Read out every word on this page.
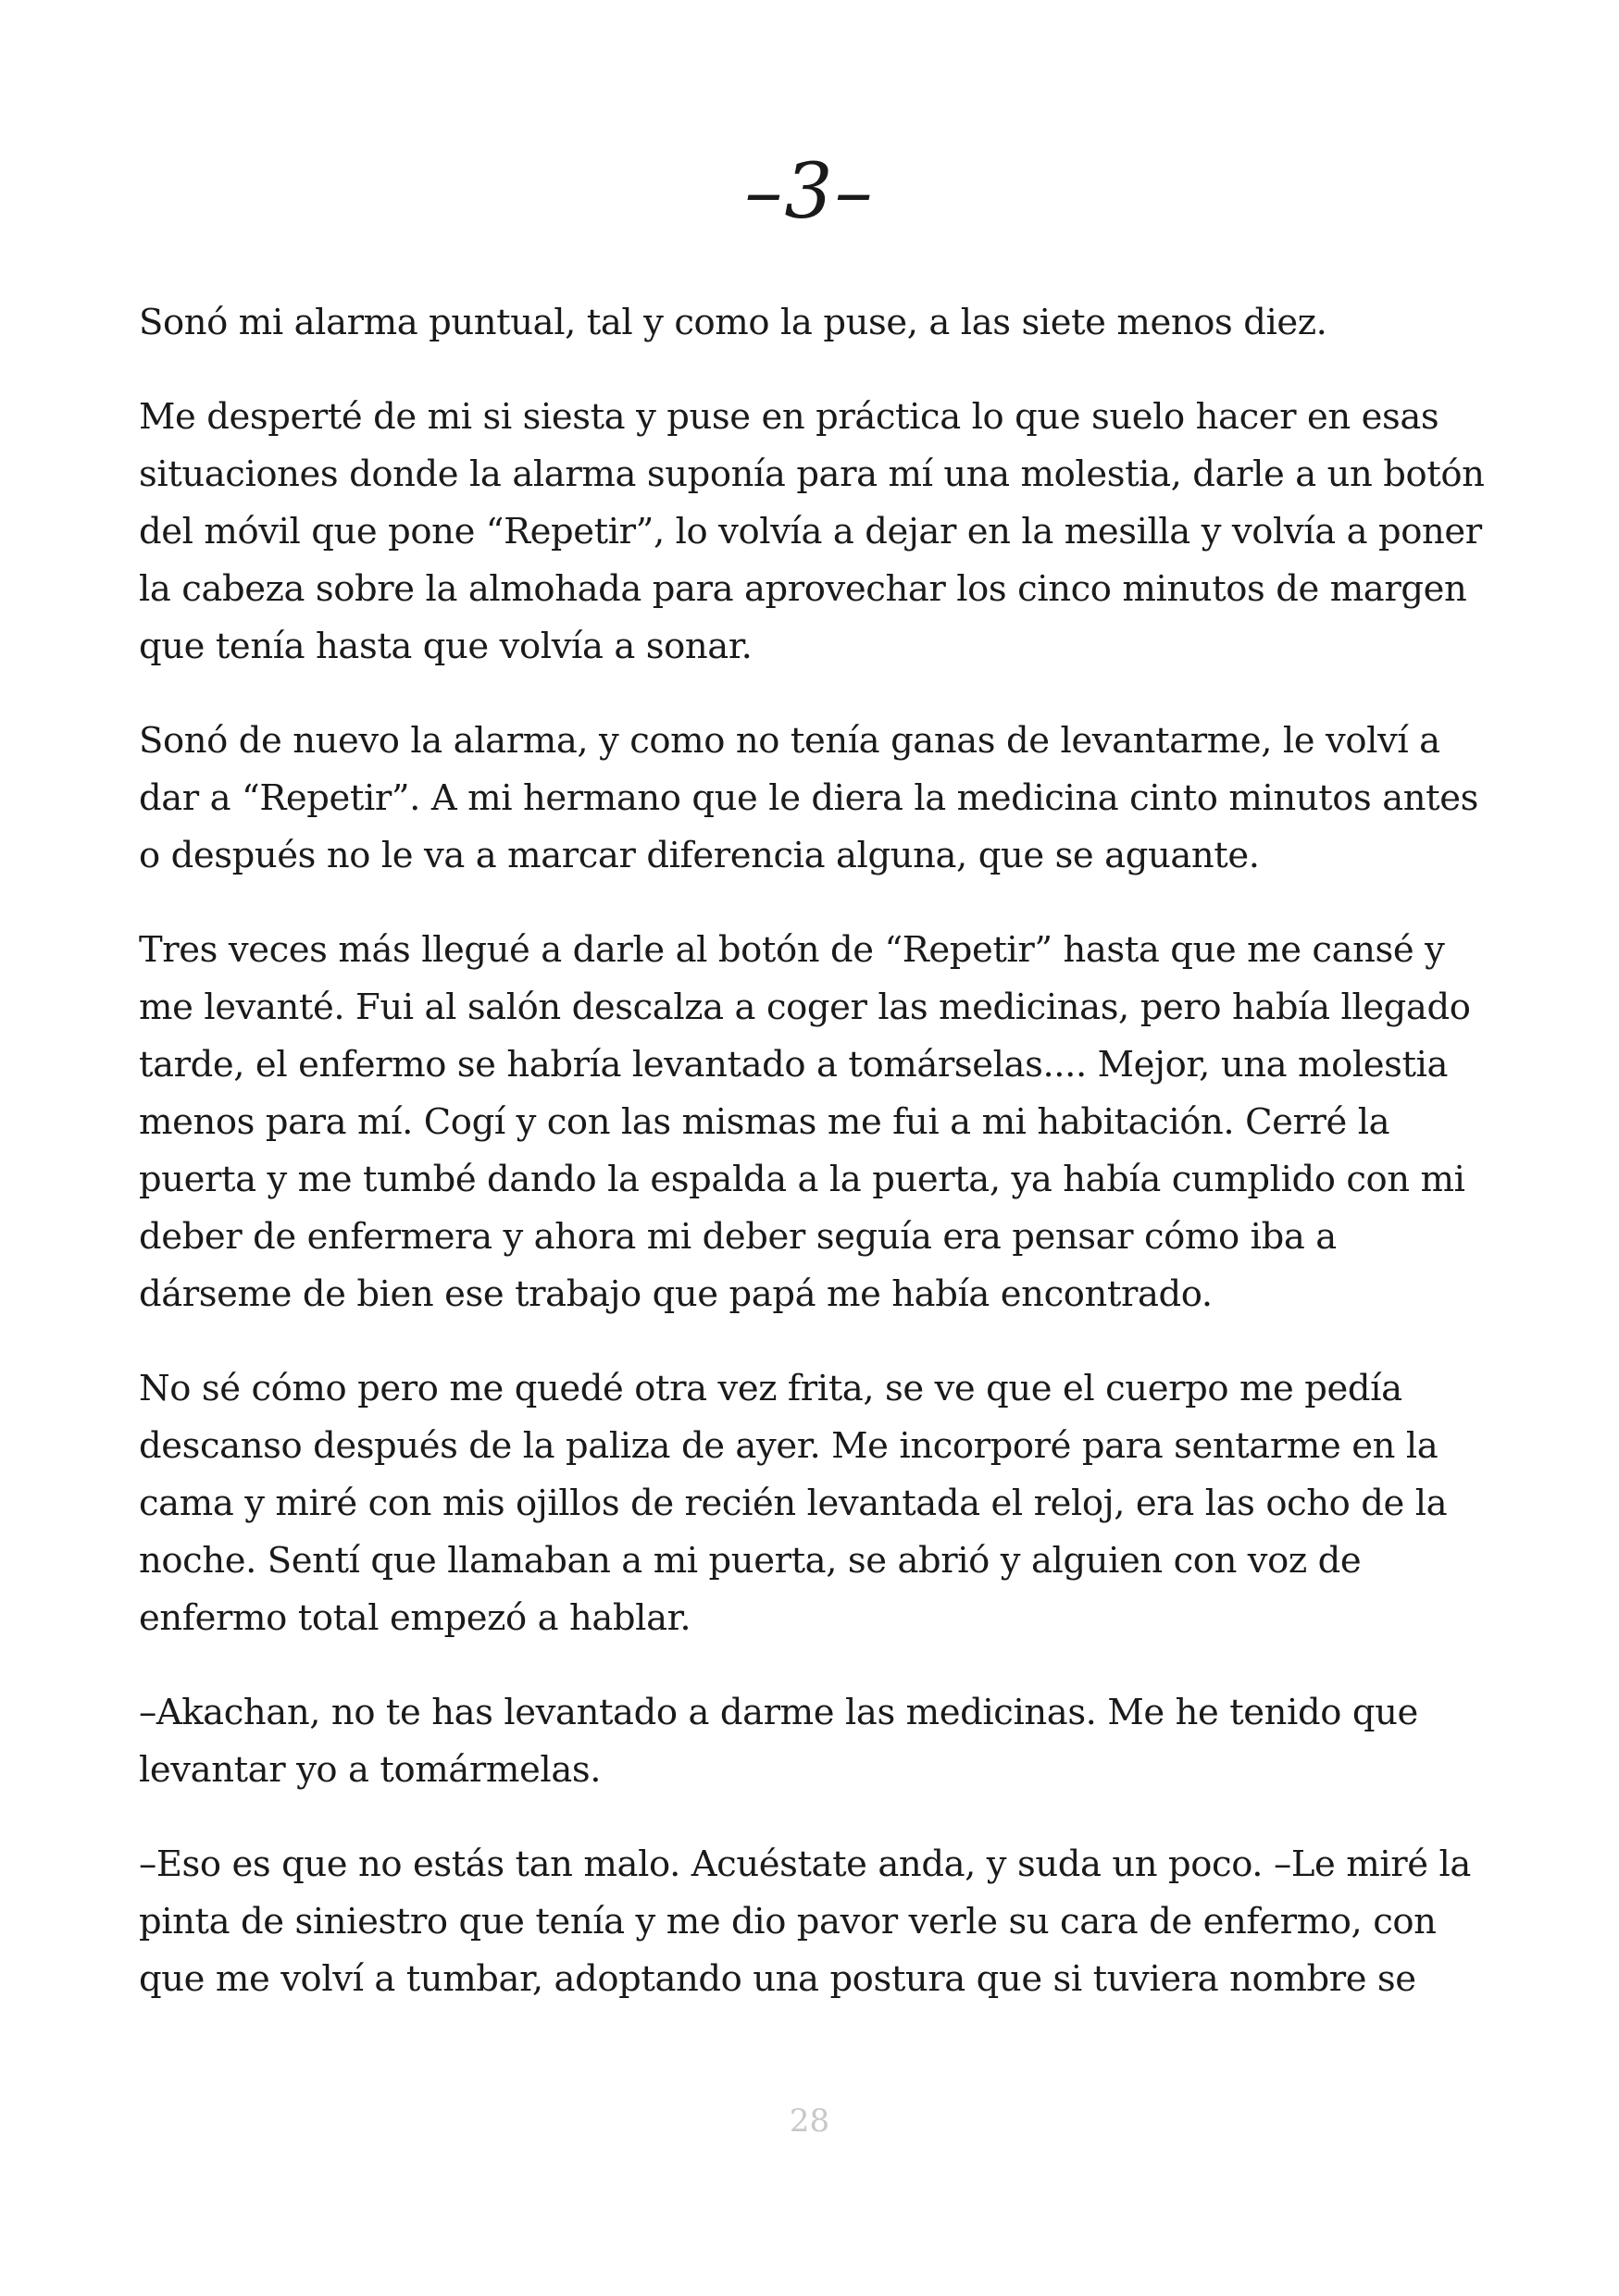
–3–

Sonó mi alarma puntual, tal y como la puse, a las siete menos diez.

Me desperté de mi si siesta y puse en práctica lo que suelo hacer en esas situaciones donde la alarma suponía para mí una molestia, darle a un botón del móvil que pone “Repetir”, lo volvía a dejar en la mesilla y volvía a poner la cabeza sobre la almohada para aprovechar los cinco minutos de margen que tenía hasta que volvía a sonar.

Sonó de nuevo la alarma, y como no tenía ganas de levantarme, le volví a dar a “Repetir”. A mi hermano que le diera la medicina cinto minutos antes o después no le va a marcar diferencia alguna, que se aguante.

Tres veces más llegué a darle al botón de “Repetir” hasta que me cansé y me levanté. Fui al salón descalza a coger las medicinas, pero había llegado tarde, el enfermo se habría levantado a tomárselas.... Mejor, una molestia menos para mí. Cogí y con las mismas me fui a mi habitación. Cerré la puerta y me tumbé dando la espalda a la puerta, ya había cumplido con mi deber de enfermera y ahora mi deber seguía era pensar cómo iba a dárseme de bien ese trabajo que papá me había encontrado.

No sé cómo pero me quedé otra vez frita, se ve que el cuerpo me pedía descanso después de la paliza de ayer. Me incorporé para sentarme en la cama y miré con mis ojillos de recién levantada el reloj, era las ocho de la noche. Sentí que llamaban a mi puerta, se abrió y alguien con voz de enfermo total empezó a hablar.

–Akachan, no te has levantado a darme las medicinas. Me he tenido que levantar yo a tomármelas.

–Eso es que no estás tan malo. Acuéstate anda, y suda un poco. –Le miré la pinta de siniestro que tenía y me dio pavor verle su cara de enfermo, con que me volví a tumbar, adoptando una postura que si tuviera nombre se

28
